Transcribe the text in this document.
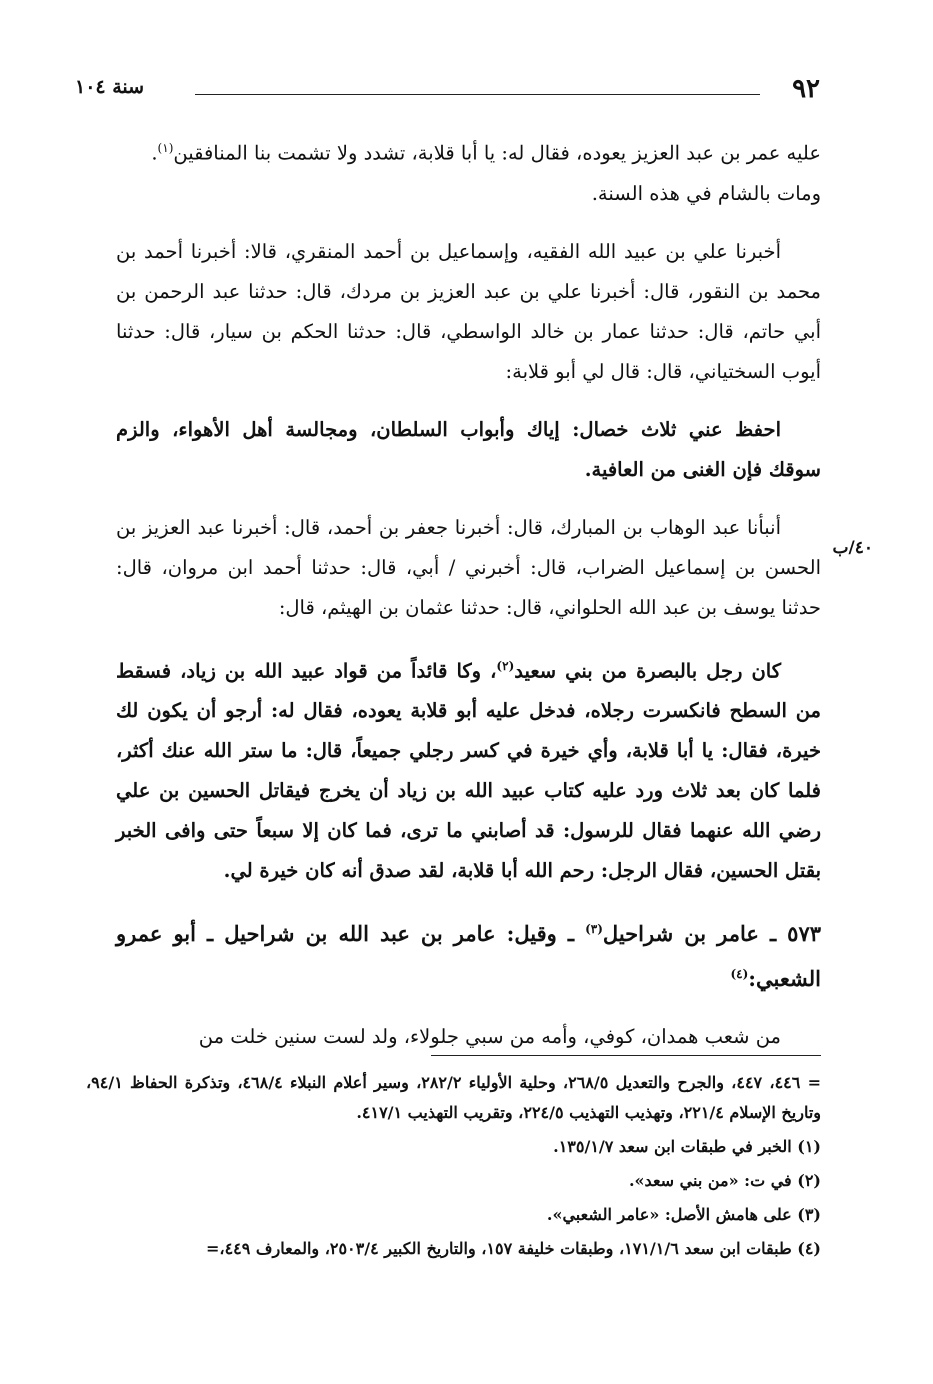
٩٢
سنة ١٠٤
٤٠/ب

عليه عمر بن عبد العزيز يعوده، فقال له: يا أبا قلابة، تشدد ولا تشمت بنا المنافقين$^{(١)}$.

ومات بالشام في هذه السنة.

أخبرنا علي بن عبيد الله الفقيه، وإسماعيل بن أحمد المنقري، قالا: أخبرنا أحمد بن محمد بن النقور، قال: أخبرنا علي بن عبد العزيز بن مردك، قال: حدثنا عبد الرحمن بن أبي حاتم، قال: حدثنا عمار بن خالد الواسطي، قال: حدثنا الحكم بن سيار، قال: حدثنا أيوب السختياني، قال: قال لي أبو قلابة:

احفظ عني ثلاث خصال: إياك وأبواب السلطان، ومجالسة أهل الأهواء، والزم سوقك فإن الغنى من العافية.

أنبأنا عبد الوهاب بن المبارك، قال: أخبرنا جعفر بن أحمد، قال: أخبرنا عبد العزيز بن الحسن بن إسماعيل الضراب، قال: أخبرني / أبي، قال: حدثنا أحمد ابن مروان، قال: حدثنا يوسف بن عبد الله الحلواني، قال: حدثنا عثمان بن الهيثم، قال:

كان رجل بالبصرة من بني سعيد$^{(٢)}$، وكا قائداً من قواد عبيد الله بن زياد، فسقط من السطح فانكسرت رجلاه، فدخل عليه أبو قلابة يعوده، فقال له: أرجو أن يكون لك خيرة، فقال: يا أبا قلابة، وأي خيرة في كسر رجلي جميعاً، قال: ما ستر الله عنك أكثر، فلما كان بعد ثلاث ورد عليه كتاب عبيد الله بن زياد أن يخرج فيقاتل الحسين بن علي رضي الله عنهما فقال للرسول: قد أصابني ما ترى، فما كان إلا سبعاً حتى وافى الخبر بقتل الحسين، فقال الرجل: رحم الله أبا قلابة، لقد صدق أنه كان خيرة لي.

٥٧٣ ـ عامر بن شراحيل$^{(٣)}$ ـ وقيل: عامر بن عبد الله بن شراحيل ـ أبو عمرو الشعبي:$^{(٤)}$

من شعب همدان، كوفي، وأمه من سبي جلولاء، ولد لست سنين خلت من

= ٤٤٦، ٤٤٧، والجرح والتعديل ٢٦٨/٥، وحلية الأولياء ٢٨٢/٢، وسير أعلام النبلاء ٤٦٨/٤، وتذكرة الحفاظ ٩٤/١، وتاريخ الإسلام ٢٢١/٤، وتهذيب التهذيب ٢٢٤/٥، وتقريب التهذيب ٤١٧/١.

(١) الخبر في طبقات ابن سعد ١٣٥/١/٧.

(٢) في ت: «من بني سعد».

(٣) على هامش الأصل: «عامر الشعبي».

(٤) طبقات ابن سعد ١٧١/١/٦، وطبقات خليفة ١٥٧، والتاريخ الكبير ٢٥٠٣/٤، والمعارف ٤٤٩،=
